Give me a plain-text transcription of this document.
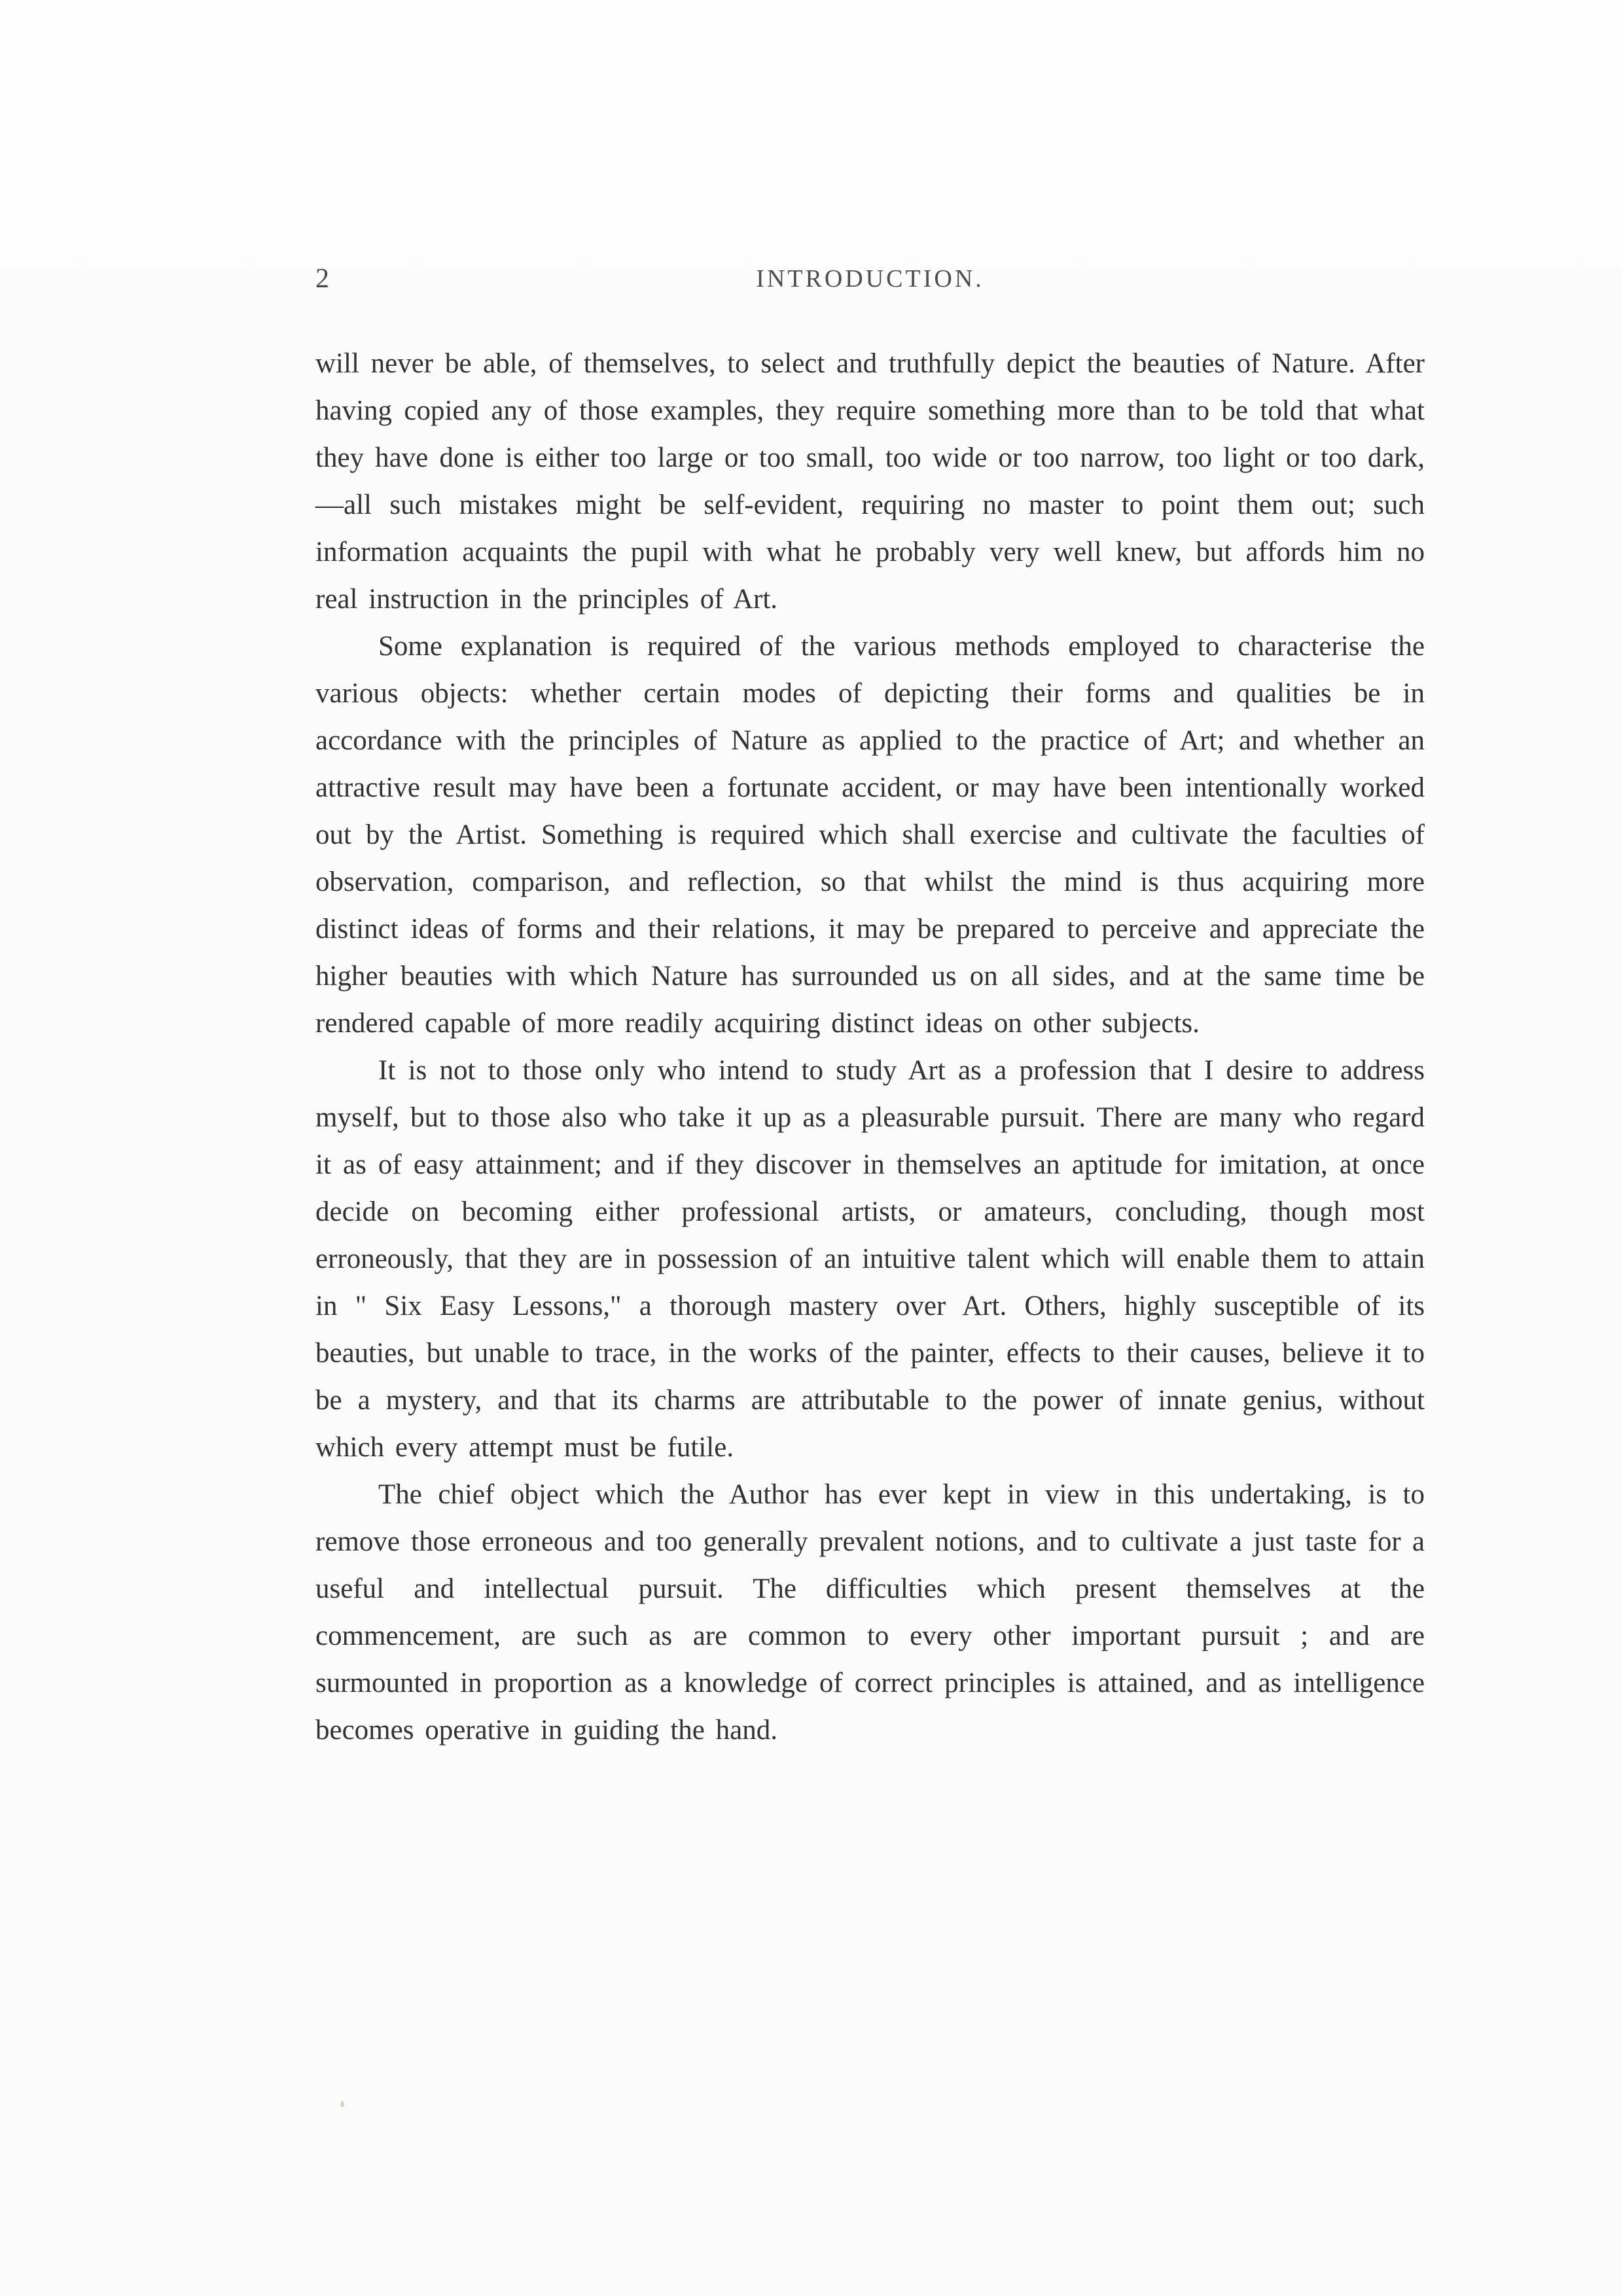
2	INTRODUCTION.

will never be able, of themselves, to select and truthfully depict the beauties of Nature. After having copied any of those examples, they require something more than to be told that what they have done is either too large or too small, too wide or too narrow, too light or too dark,—all such mistakes might be self-evident, requiring no master to point them out; such information acquaints the pupil with what he probably very well knew, but affords him no real instruction in the principles of Art.

Some explanation is required of the various methods employed to characterise the various objects: whether certain modes of depicting their forms and qualities be in accordance with the principles of Nature as applied to the practice of Art; and whether an attractive result may have been a fortunate accident, or may have been intentionally worked out by the Artist. Something is required which shall exercise and cultivate the faculties of observation, comparison, and reflection, so that whilst the mind is thus acquiring more distinct ideas of forms and their relations, it may be prepared to perceive and appreciate the higher beauties with which Nature has surrounded us on all sides, and at the same time be rendered capable of more readily acquiring distinct ideas on other subjects.

It is not to those only who intend to study Art as a profession that I desire to address myself, but to those also who take it up as a pleasurable pursuit. There are many who regard it as of easy attainment; and if they discover in themselves an aptitude for imitation, at once decide on becoming either professional artists, or amateurs, concluding, though most erroneously, that they are in possession of an intuitive talent which will enable them to attain in " Six Easy Lessons," a thorough mastery over Art. Others, highly susceptible of its beauties, but unable to trace, in the works of the painter, effects to their causes, believe it to be a mystery, and that its charms are attributable to the power of innate genius, without which every attempt must be futile.

The chief object which the Author has ever kept in view in this undertaking, is to remove those erroneous and too generally prevalent notions, and to cultivate a just taste for a useful and intellectual pursuit. The difficulties which present themselves at the commencement, are such as are common to every other important pursuit ; and are surmounted in proportion as a knowledge of correct principles is attained, and as intelligence becomes operative in guiding the hand.
